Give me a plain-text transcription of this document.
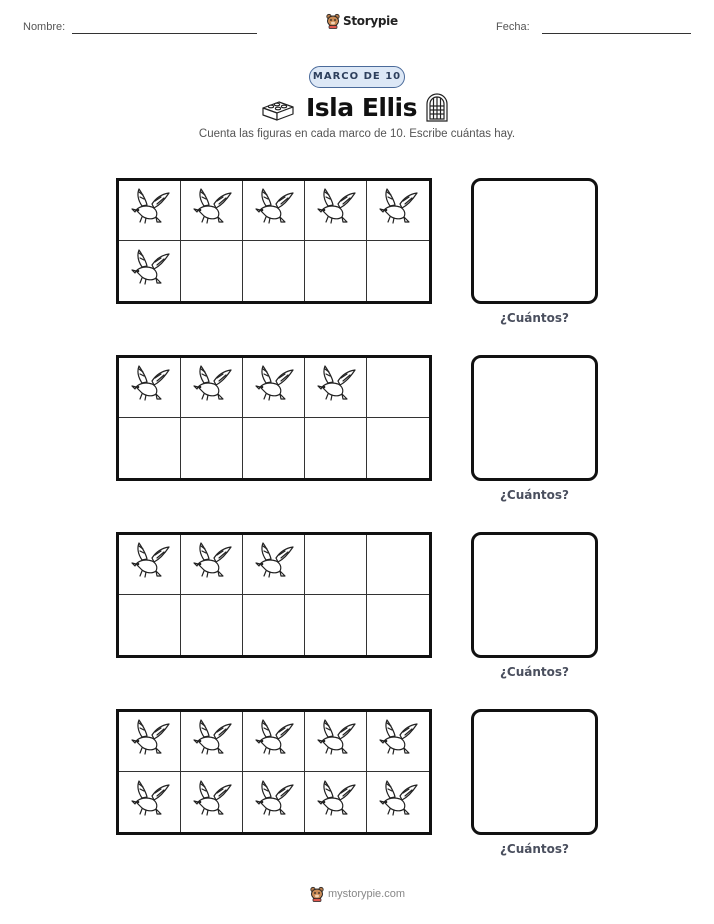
Nombre:	Storypie	Fecha:
MARCO DE 10
Isla Ellis
Cuenta las figuras en cada marco de 10. Escribe cuántas hay.
¿Cuántos?
¿Cuántos?
¿Cuántos?
¿Cuántos?
mystorypie.com
